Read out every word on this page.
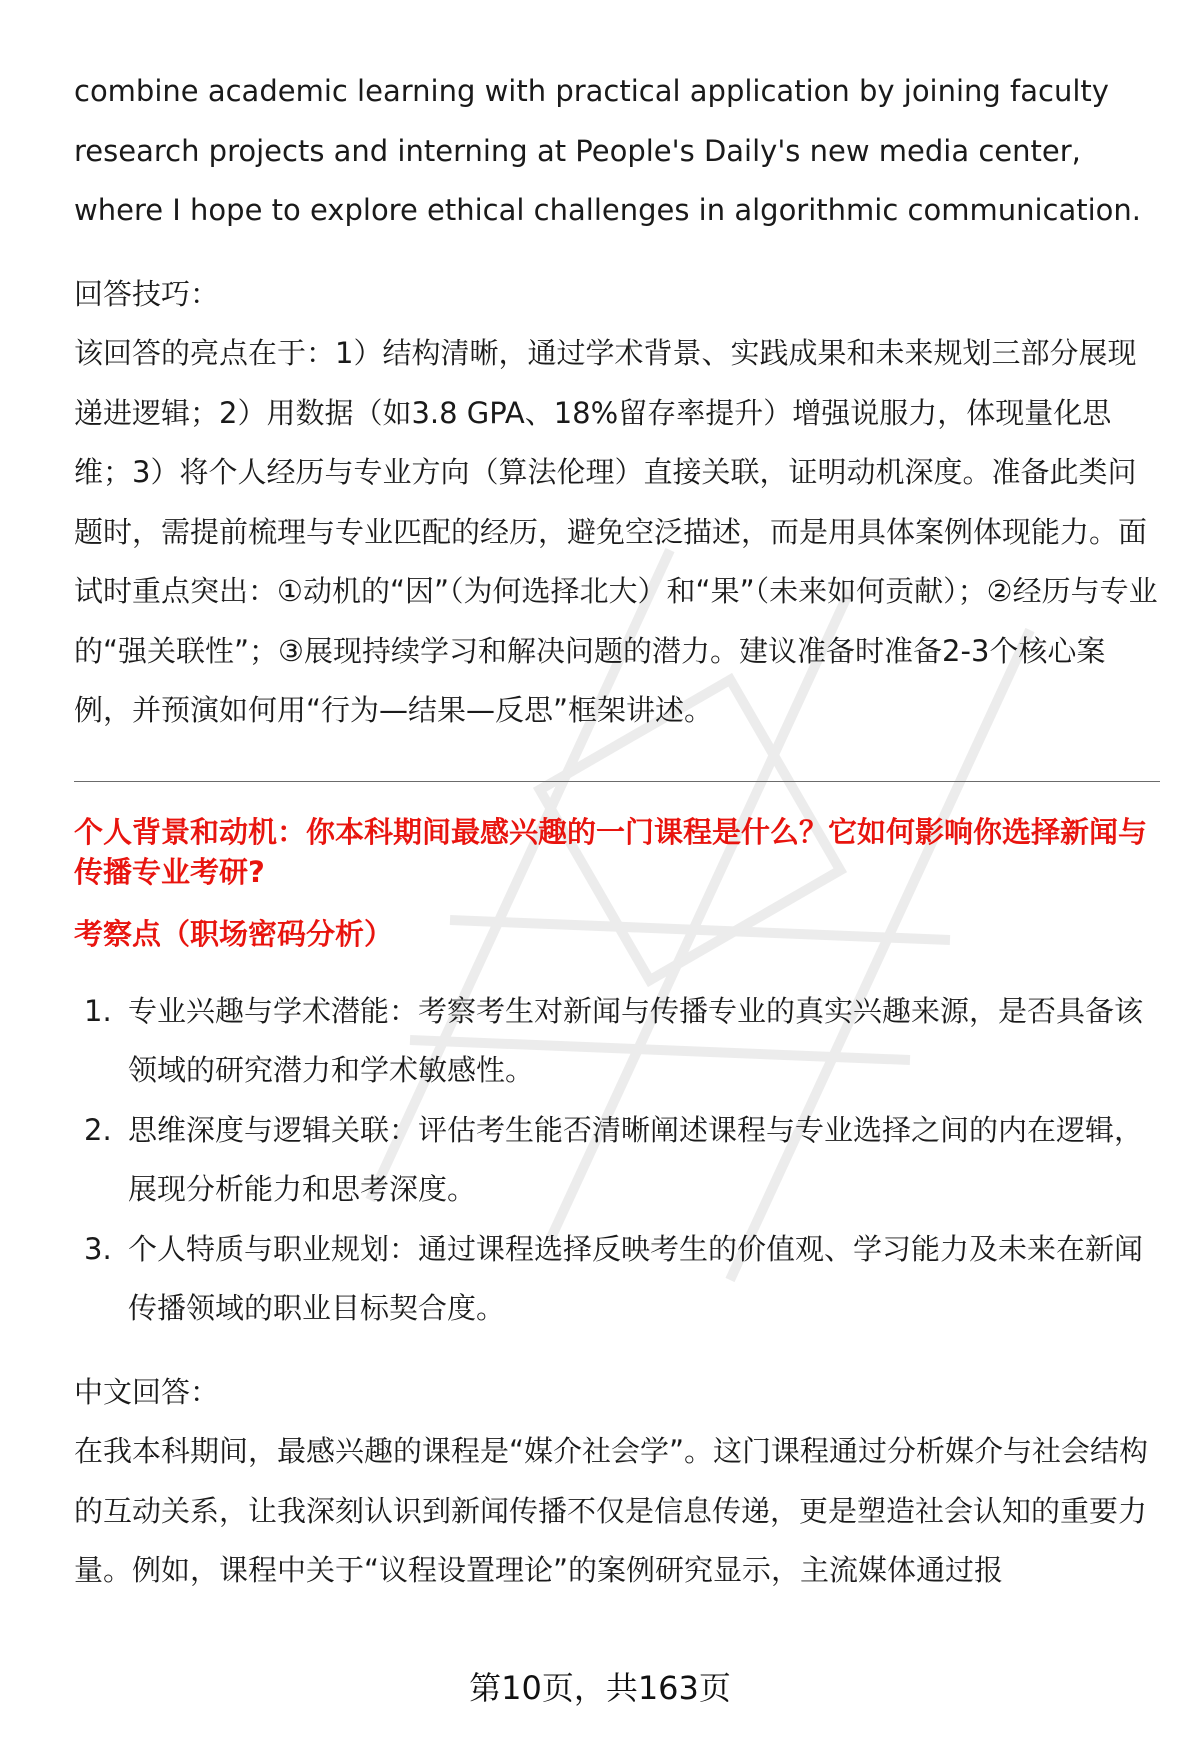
combine academic learning with practical application by joining faculty research projects and interning at People's Daily's new media center, where I hope to explore ethical challenges in algorithmic communication.

回答技巧：

该回答的亮点在于：1）结构清晰，通过学术背景、实践成果和未来规划三部分展现递进逻辑；2）用数据（如3.8 GPA、18%留存率提升）增强说服力，体现量化思维；3）将个人经历与专业方向（算法伦理）直接关联，证明动机深度。准备此类问题时，需提前梳理与专业匹配的经历，避免空泛描述，而是用具体案例体现能力。面试时重点突出：①动机的“因”（为何选择北大）和“果”（未来如何贡献）；②经历与专业的“强关联性”；③展现持续学习和解决问题的潜力。建议准备时准备2-3个核心案例，并预演如何用“行为—结果—反思”框架讲述。

个人背景和动机：你本科期间最感兴趣的一门课程是什么？它如何影响你选择新闻与传播专业考研?

考察点（职场密码分析）

1. 专业兴趣与学术潜能：考察考生对新闻与传播专业的真实兴趣来源，是否具备该领域的研究潜力和学术敏感性。
2. 思维深度与逻辑关联：评估考生能否清晰阐述课程与专业选择之间的内在逻辑，展现分析能力和思考深度。
3. 个人特质与职业规划：通过课程选择反映考生的价值观、学习能力及未来在新闻传播领域的职业目标契合度。

中文回答：

在我本科期间，最感兴趣的课程是“媒介社会学”。这门课程通过分析媒介与社会结构的互动关系，让我深刻认识到新闻传播不仅是信息传递，更是塑造社会认知的重要力量。例如，课程中关于“议程设置理论”的案例研究显示，主流媒体通过报

第10页，共163页
